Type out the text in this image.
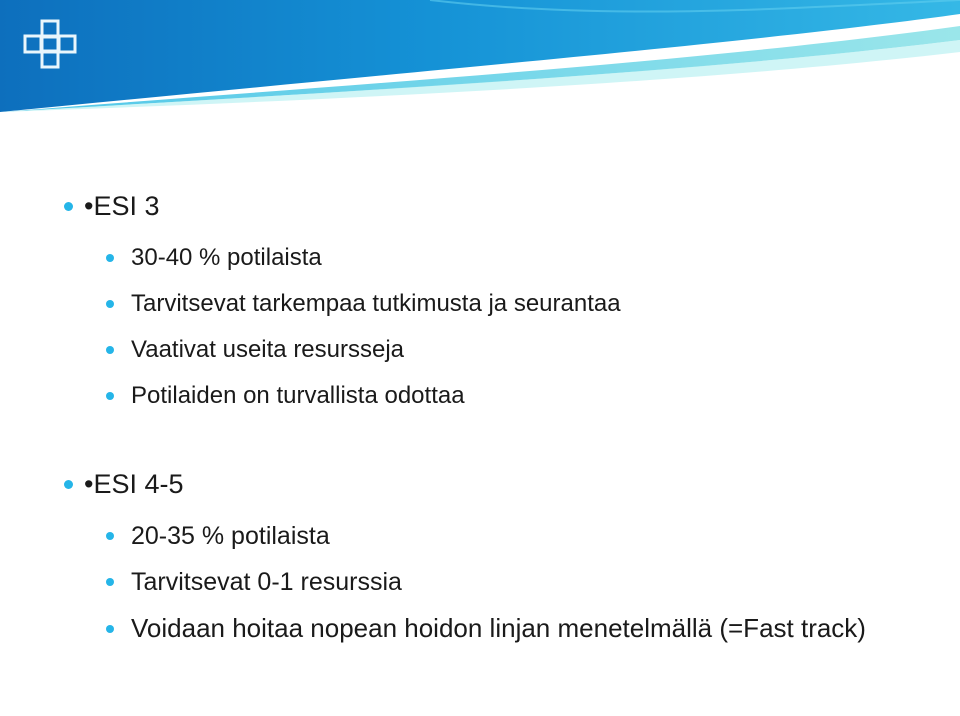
•ESI 3
30-40 % potilaista
Tarvitsevat tarkempaa tutkimusta ja seurantaa
Vaativat useita resursseja
Potilaiden on turvallista odottaa
•ESI 4-5
20-35 % potilaista
Tarvitsevat 0-1 resurssia
Voidaan hoitaa nopean hoidon linjan menetelmällä (=Fast track)
